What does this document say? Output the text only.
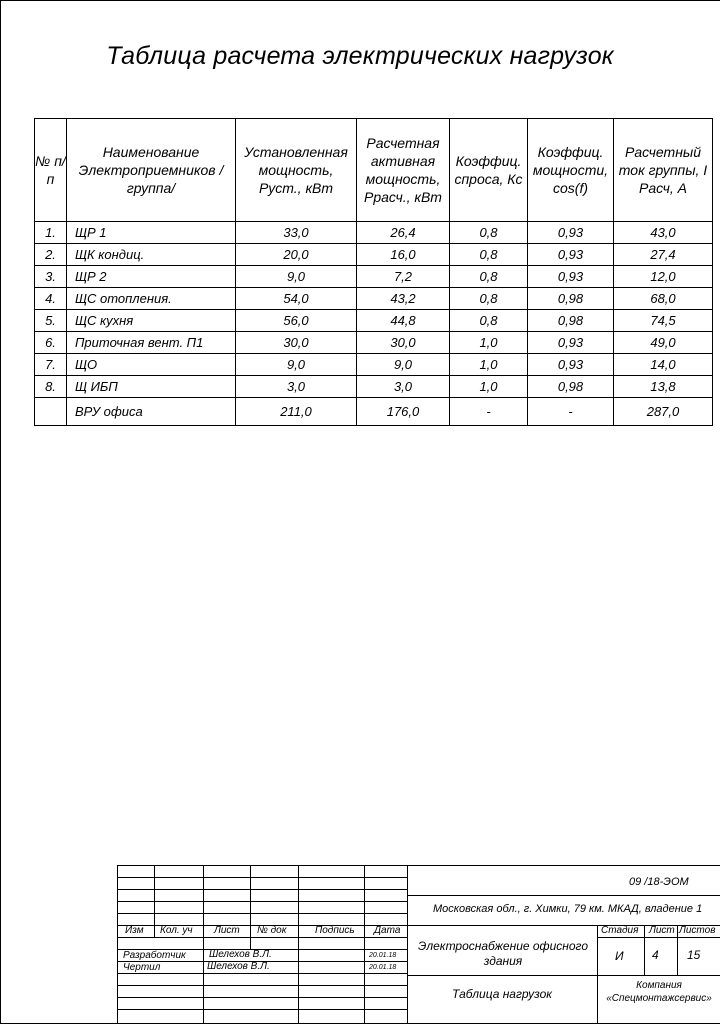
Таблица расчета электрических нагрузок
№ п/п	Наименование Электроприемников /группа/	Установленная мощность, Руст., кВт	Расчетная активная мощность, Ррасч., кВт	Коэффиц. спроса, Кс	Коэффиц. мощности, cos(f)	Расчетный ток группы, I Расч, А
1.	ЩР 1	33,0	26,4	0,8	0,93	43,0
2.	ЩК кондиц.	20,0	16,0	0,8	0,93	27,4
3.	ЩР 2	9,0	7,2	0,8	0,93	12,0
4.	ЩС отопления.	54,0	43,2	0,8	0,98	68,0
5.	ЩС кухня	56,0	44,8	0,8	0,98	74,5
6.	Приточная вент. П1	30,0	30,0	1,0	0,93	49,0
7.	ЩО	9,0	9,0	1,0	0,93	14,0
8.	Щ ИБП	3,0	3,0	1,0	0,98	13,8
	ВРУ офиса	211,0	176,0	-	-	287,0
09 /18-ЭОМ
Московская обл., г. Химки, 79 км. МКАД, владение 1
Изм Кол. уч Лист № док	Подпись Дата
Разработчик Шелехов В.Л.	20.01.18
Чертил	Шелехов В.Л.	20.01.18
Электроснабжение офисного здания
Таблица нагрузок
Стадия Лист Листов
И 4 15
Компания «Спецмонтажсервис»
